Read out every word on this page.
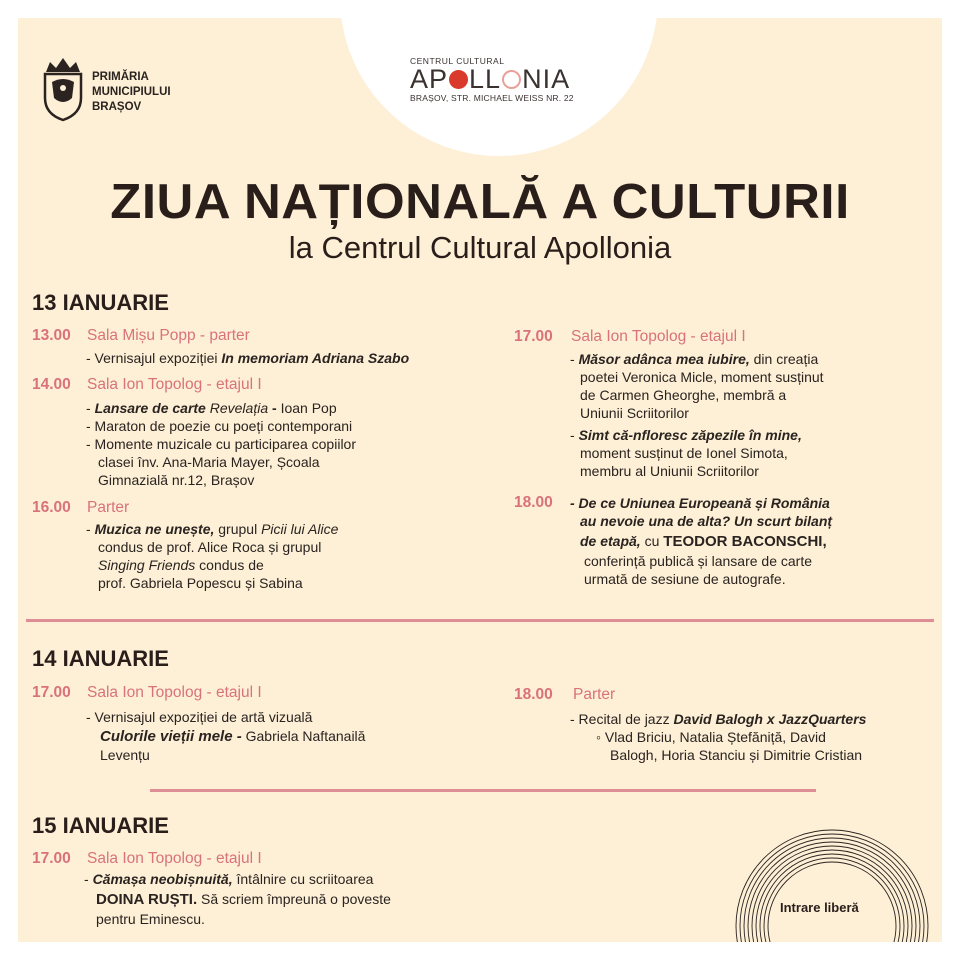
PRIMĂRIA
MUNICIPIULUI
BRAȘOV
CENTRUL CULTURAL
AP LL NIA
BRAȘOV, STR. MICHAEL WEISS NR. 22
ZIUA NAȚIONALĂ A CULTURII
la Centrul Cultural Apollonia
13 IANUARIE
13.00 Sala Mișu Popp - parter
- Vernisajul expoziției In memoriam Adriana Szabo
14.00 Sala Ion Topolog - etajul I
- Lansare de carte Revelația - Ioan Pop
- Maraton de poezie cu poeți contemporani
- Momente muzicale cu participarea copiilor
clasei înv. Ana-Maria Mayer, Școala
Gimnazială nr.12, Brașov
16.00 Parter
- Muzica ne unește, grupul Picii lui Alice
condus de prof. Alice Roca și grupul
Singing Friends condus de
prof. Gabriela Popescu și Sabina
17.00 Sala Ion Topolog - etajul I
- Măsor adânca mea iubire, din creația
poetei Veronica Micle, moment susținut
de Carmen Gheorghe, membră a
Uniunii Scriitorilor
- Simt că-nfloresc zăpezile în mine,
moment susținut de Ionel Simota,
membru al Uniunii Scriitorilor
18.00 - De ce Uniunea Europeană și România
au nevoie una de alta? Un scurt bilanț
de etapă, cu TEODOR BACONSCHI,
conferință publică și lansare de carte
urmată de sesiune de autografe.
14 IANUARIE
17.00 Sala Ion Topolog - etajul I
- Vernisajul expoziției de artă vizuală
Culorile vieții mele - Gabriela Naftanailă
Levențu
18.00 Parter
- Recital de jazz David Balogh x JazzQuarters
◦ Vlad Briciu, Natalia Ștefăniță, David
Balogh, Horia Stanciu și Dimitrie Cristian
15 IANUARIE
17.00 Sala Ion Topolog - etajul I
- Cămașa neobișnuită, întâlnire cu scriitoarea
DOINA RUȘTI. Să scriem împreună o poveste
pentru Eminescu.
Intrare liberă
